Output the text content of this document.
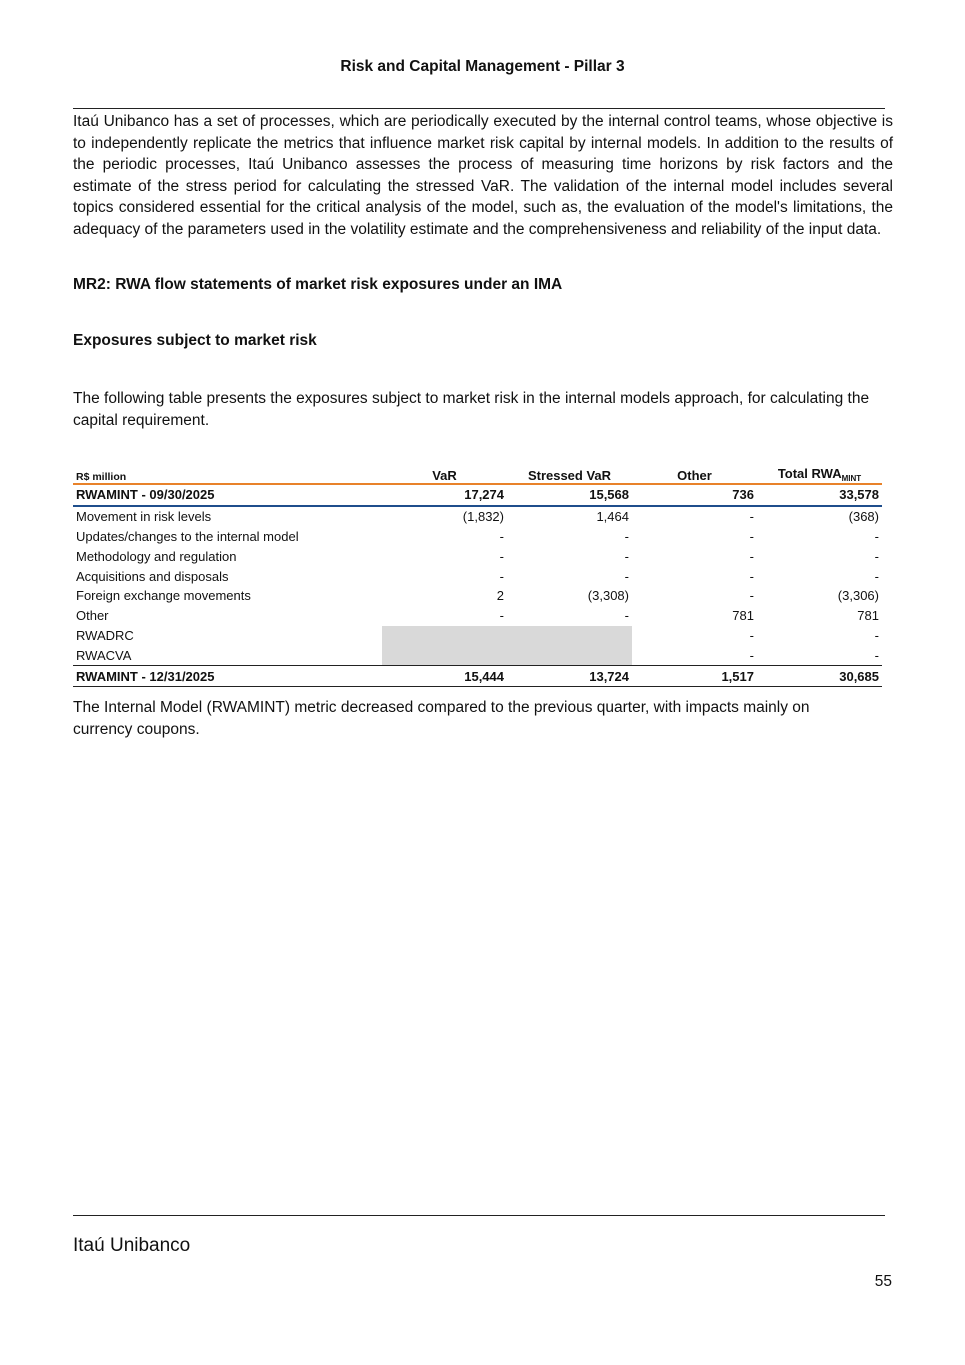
Risk and Capital Management - Pillar 3

Itaú Unibanco has a set of processes, which are periodically executed by the internal control teams, whose objective is to independently replicate the metrics that influence market risk capital by internal models. In addition to the results of the periodic processes, Itaú Unibanco assesses the process of measuring time horizons by risk factors and the estimate of the stress period for calculating the stressed VaR. The validation of the internal model includes several topics considered essential for the critical analysis of the model, such as, the evaluation of the model's limitations, the adequacy of the parameters used in the volatility estimate and the comprehensiveness and reliability of the input data.

MR2: RWA flow statements of market risk exposures under an IMA

Exposures subject to market risk

The following table presents the exposures subject to market risk in the internal models approach, for calculating the capital requirement.

R$ million	VaR	Stressed VaR	Other	Total $RWA_{MINT}$
RWAMINT - 09/30/2025	17,274	15,568	736	33,578
Movement in risk levels	(1,832)	1,464	-	(368)
Updates/changes to the internal model	-	-	-	-
Methodology and regulation	-	-	-	-
Acquisitions and disposals	-	-	-	-
Foreign exchange movements	2	(3,308)	-	(3,306)
Other	-	-	781	781
RWADRC			-	-
RWACVA			-	-
RWAMINT - 12/31/2025	15,444	13,724	1,517	30,685

The Internal Model (RWAMINT) metric decreased compared to the previous quarter, with impacts mainly on currency coupons.

Itaú Unibanco
55
